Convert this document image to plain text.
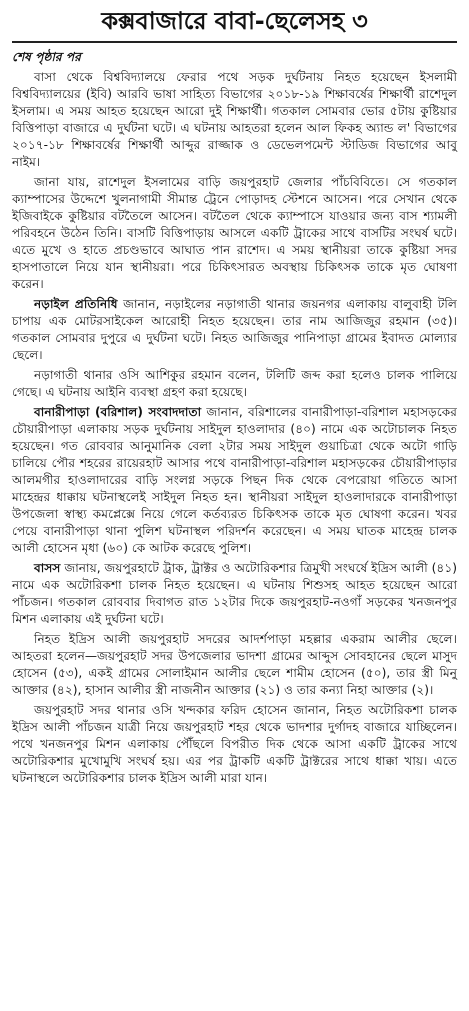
কক্সবাজারে বাবা-ছেলেসহ ৩

শেষ পৃষ্ঠার পর

বাসা থেকে বিশ্ববিদ্যালয়ে ফেরার পথে সড়ক দুর্ঘটনায় নিহত হয়েছেন ইসলামী বিশ্ববিদ্যালয়ের (ইবি) আরবি ভাষা সাহিত্য বিভাগের ২০১৮-১৯ শিক্ষাবর্ষের শিক্ষার্থী রাশেদুল ইসলাম। এ সময় আহত হয়েছেন আরো দুই শিক্ষার্থী। গতকাল সোমবার ভোর ৫টায় কুষ্টিয়ার বিত্তিপাড়া বাজারে এ দুর্ঘটনা ঘটে। এ ঘটনায় আহতরা হলেন আল ফিকহ অ্যান্ড ল' বিভাগের ২০১৭-১৮ শিক্ষাবর্ষের শিক্ষার্থী আব্দুর রাজ্জাক ও ডেভেলপমেন্ট স্টাডিজ বিভাগের আবু নাইম।

জানা যায়, রাশেদুল ইসলামের বাড়ি জয়পুরহাট জেলার পাঁচবিবিতে। সে গতকাল ক্যাম্পাসের উদ্দেশে খুলনাগামী সীমান্ত ট্রেনে পোড়াদহ স্টেশনে আসেন। পরে সেখান থেকে ইজিবাইকে কুষ্টিয়ার বটতৈলে আসেন। বটতৈল থেকে ক্যাম্পাসে যাওয়ার জন্য বাস শ্যামলী পরিবহনে উঠেন তিনি। বাসটি বিত্তিপাড়ায় আসলে একটি ট্রাকের সাথে বাসটির সংঘর্ষ ঘটে। এতে মুখে ও হাতে প্রচণ্ডভাবে আঘাত পান রাশেদ। এ সময় স্থানীয়রা তাকে কুষ্টিয়া সদর হাসপাতালে নিয়ে যান স্থানীয়রা। পরে চিকিৎসারত অবস্থায় চিকিৎসক তাকে মৃত ঘোষণা করেন।

নড়াইল প্রতিনিধি জানান, নড়াইলের নড়াগাতী থানার জয়নগর এলাকায় বালুবাহী টলি চাপায় এক মোটরসাইকেল আরোহী নিহত হয়েছেন। তার নাম আজিজুর রহমান (৩৫)। গতকাল সোমবার দুপুরে এ দুর্ঘটনা ঘটে। নিহত আজিজুর পানিপাড়া গ্রামের ইবাদত মোল্যার ছেলে।

নড়াগাতী থানার ওসি আশিকুর রহমান বলেন, টলিটি জব্দ করা হলেও চালক পালিয়ে গেছে। এ ঘটনায় আইনি ব্যবস্থা গ্রহণ করা হয়েছে।

বানারীপাড়া (বরিশাল) সংবাদদাতা জানান, বরিশালের বানারীপাড়া-বরিশাল মহাসড়কের চৌয়ারীপাড়া এলাকায় সড়ক দুর্ঘটনায় সাইদুল হাওলাদার (৪০) নামে এক অটোচালক নিহত হয়েছেন। গত রোববার আনুমানিক বেলা ২টার সময় সাইদুল গুয়াচিত্রা থেকে অটো গাড়ি চালিয়ে পৌর শহরের রায়েরহাট আসার পথে বানারীপাড়া-বরিশাল মহাসড়কের চৌয়ারীপাড়ার আলমগীর হাওলাদারের বাড়ি সংলগ্ন সড়কে পিছন দিক থেকে বেপরোয়া গতিতে আসা মাহেন্দ্রর ধাক্কায় ঘটনাস্থলেই সাইদুল নিহত হন। স্থানীয়রা সাইদুল হাওলাদারকে বানারীপাড়া উপজেলা স্বাস্থ্য কমপ্লেক্সে নিয়ে গেলে কর্তব্যরত চিকিৎসক তাকে মৃত ঘোষণা করেন। খবর পেয়ে বানারীপাড়া থানা পুলিশ ঘটনাস্থল পরিদর্শন করেছেন। এ সময় ঘাতক মাহেন্দ্র চালক আলী হোসেন মৃধা (৬০) কে আটক করেছে পুলিশ।

বাসস জানায়, জয়পুরহাটে ট্রাক, ট্রাক্টর ও অটোরিকশার ত্রিমুখী সংঘর্ষে ইদ্রিস আলী (৪১) নামে এক অটোরিকশা চালক নিহত হয়েছেন। এ ঘটনায় শিশুসহ আহত হয়েছেন আরো পাঁচজন। গতকাল রোববার দিবাগত রাত ১২টার দিকে জয়পুরহাট-নওগাঁ সড়কের খনজনপুর মিশন এলাকায় এই দুর্ঘটনা ঘটে।

নিহত ইদ্রিস আলী জয়পুরহাট সদরের আদর্শপাড়া মহল্লার একরাম আলীর ছেলে। আহতরা হলেন—জয়পুরহাট সদর উপজেলার ভাদশা গ্রামের আব্দুস সোবহানের ছেলে মাসুদ হোসেন (৫৩), একই গ্রামের সোলাইমান আলীর ছেলে শামীম হোসেন (৫০), তার স্ত্রী মিনু আক্তার (৪২), হাসান আলীর স্ত্রী নাজনীন আক্তার (২১) ও তার কন্যা নিহা আক্তার (২)।

জয়পুরহাট সদর থানার ওসি খন্দকার ফরিদ হোসেন জানান, নিহত অটোরিকশা চালক ইদ্রিস আলী পাঁচজন যাত্রী নিয়ে জয়পুরহাট শহর থেকে ভাদশার দুর্গাদহ বাজারে যাচ্ছিলেন। পথে খনজনপুর মিশন এলাকায় পৌঁছলে বিপরীত দিক থেকে আসা একটি ট্রাকের সাথে অটোরিকশার মুখোমুখি সংঘর্ষ হয়। এর পর ট্রাকটি একটি ট্রাক্টরের সাথে ধাক্কা খায়। এতে ঘটনাস্থলে অটোরিকশার চালক ইদ্রিস আলী মারা যান।
